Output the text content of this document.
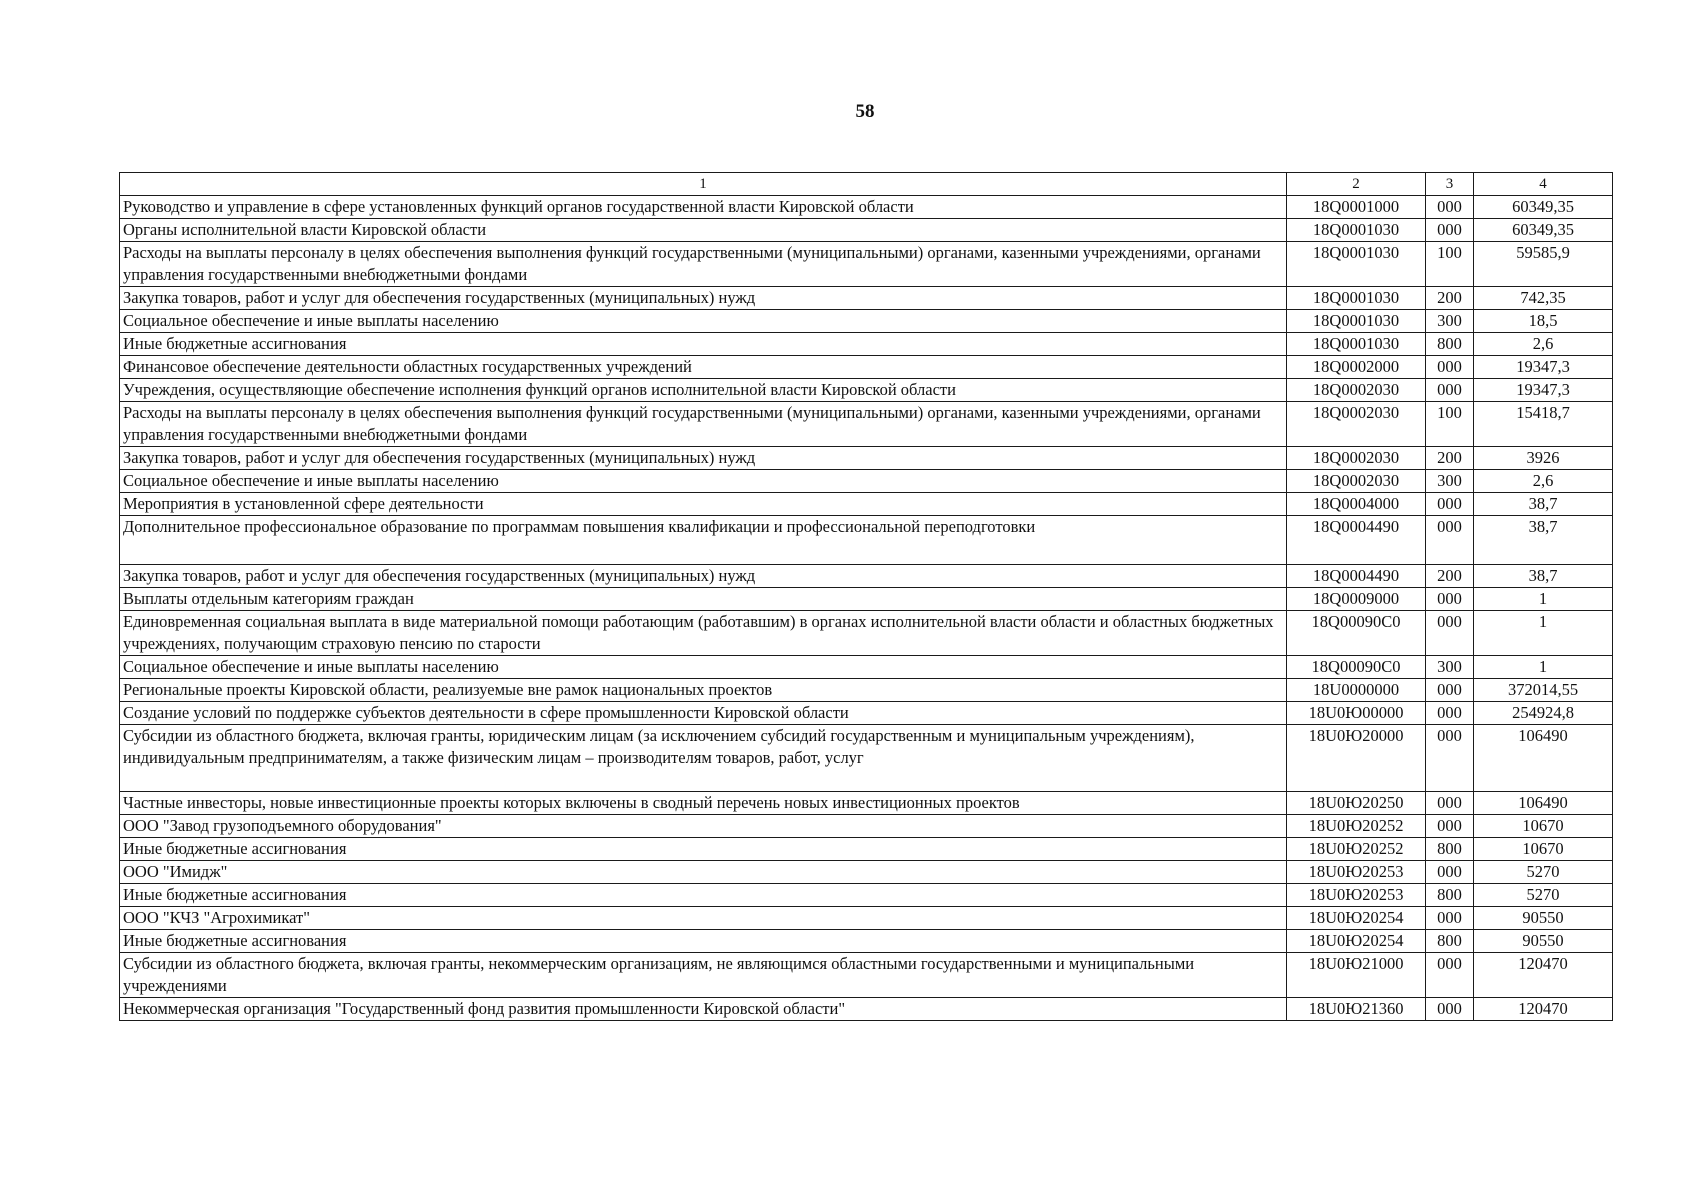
58
1	2	3	4
Руководство и управление в сфере установленных функций органов государственной власти Кировской области	18Q0001000	000	60349,35
Органы исполнительной власти Кировской области	18Q0001030	000	60349,35
Расходы на выплаты персоналу в целях обеспечения выполнения функций государственными (муниципальными) органами, казенными учреждениями, органами управления государственными внебюджетными фондами	18Q0001030	100	59585,9
Закупка товаров, работ и услуг для обеспечения государственных (муниципальных) нужд	18Q0001030	200	742,35
Социальное обеспечение и иные выплаты населению	18Q0001030	300	18,5
Иные бюджетные ассигнования	18Q0001030	800	2,6
Финансовое обеспечение деятельности областных государственных учреждений	18Q0002000	000	19347,3
Учреждения, осуществляющие обеспечение исполнения функций органов исполнительной власти Кировской области	18Q0002030	000	19347,3
Расходы на выплаты персоналу в целях обеспечения выполнения функций государственными (муниципальными) органами, казенными учреждениями, органами управления государственными внебюджетными фондами	18Q0002030	100	15418,7
Закупка товаров, работ и услуг для обеспечения государственных (муниципальных) нужд	18Q0002030	200	3926
Социальное обеспечение и иные выплаты населению	18Q0002030	300	2,6
Мероприятия в установленной сфере деятельности	18Q0004000	000	38,7
Дополнительное профессиональное образование по программам повышения квалификации и профессиональной переподготовки	18Q0004490	000	38,7
Закупка товаров, работ и услуг для обеспечения государственных (муниципальных) нужд	18Q0004490	200	38,7
Выплаты отдельным категориям граждан	18Q0009000	000	1
Единовременная социальная выплата в виде материальной помощи работающим (работавшим) в органах исполнительной власти области и областных бюджетных учреждениях, получающим страховую пенсию по старости	18Q00090C0	000	1
Социальное обеспечение и иные выплаты населению	18Q00090C0	300	1
Региональные проекты Кировской области, реализуемые вне рамок национальных проектов	18U0000000	000	372014,55
Создание условий по поддержке субъектов деятельности в сфере промышленности Кировской области	18U0Ю00000	000	254924,8
Субсидии из областного бюджета, включая гранты, юридическим лицам (за исключением субсидий государственным и муниципальным учреждениям), индивидуальным предпринимателям, а также физическим лицам – производителям товаров, работ, услуг	18U0Ю20000	000	106490
Частные инвесторы, новые инвестиционные проекты которых включены в сводный перечень новых инвестиционных проектов	18U0Ю20250	000	106490
ООО "Завод грузоподъемного оборудования"	18U0Ю20252	000	10670
Иные бюджетные ассигнования	18U0Ю20252	800	10670
ООО "Имидж"	18U0Ю20253	000	5270
Иные бюджетные ассигнования	18U0Ю20253	800	5270
ООО "КЧЗ "Агрохимикат"	18U0Ю20254	000	90550
Иные бюджетные ассигнования	18U0Ю20254	800	90550
Субсидии из областного бюджета, включая гранты, некоммерческим организациям, не являющимся областными государственными и муниципальными учреждениями	18U0Ю21000	000	120470
Некоммерческая организация "Государственный фонд развития промышленности Кировской области"	18U0Ю21360	000	120470
